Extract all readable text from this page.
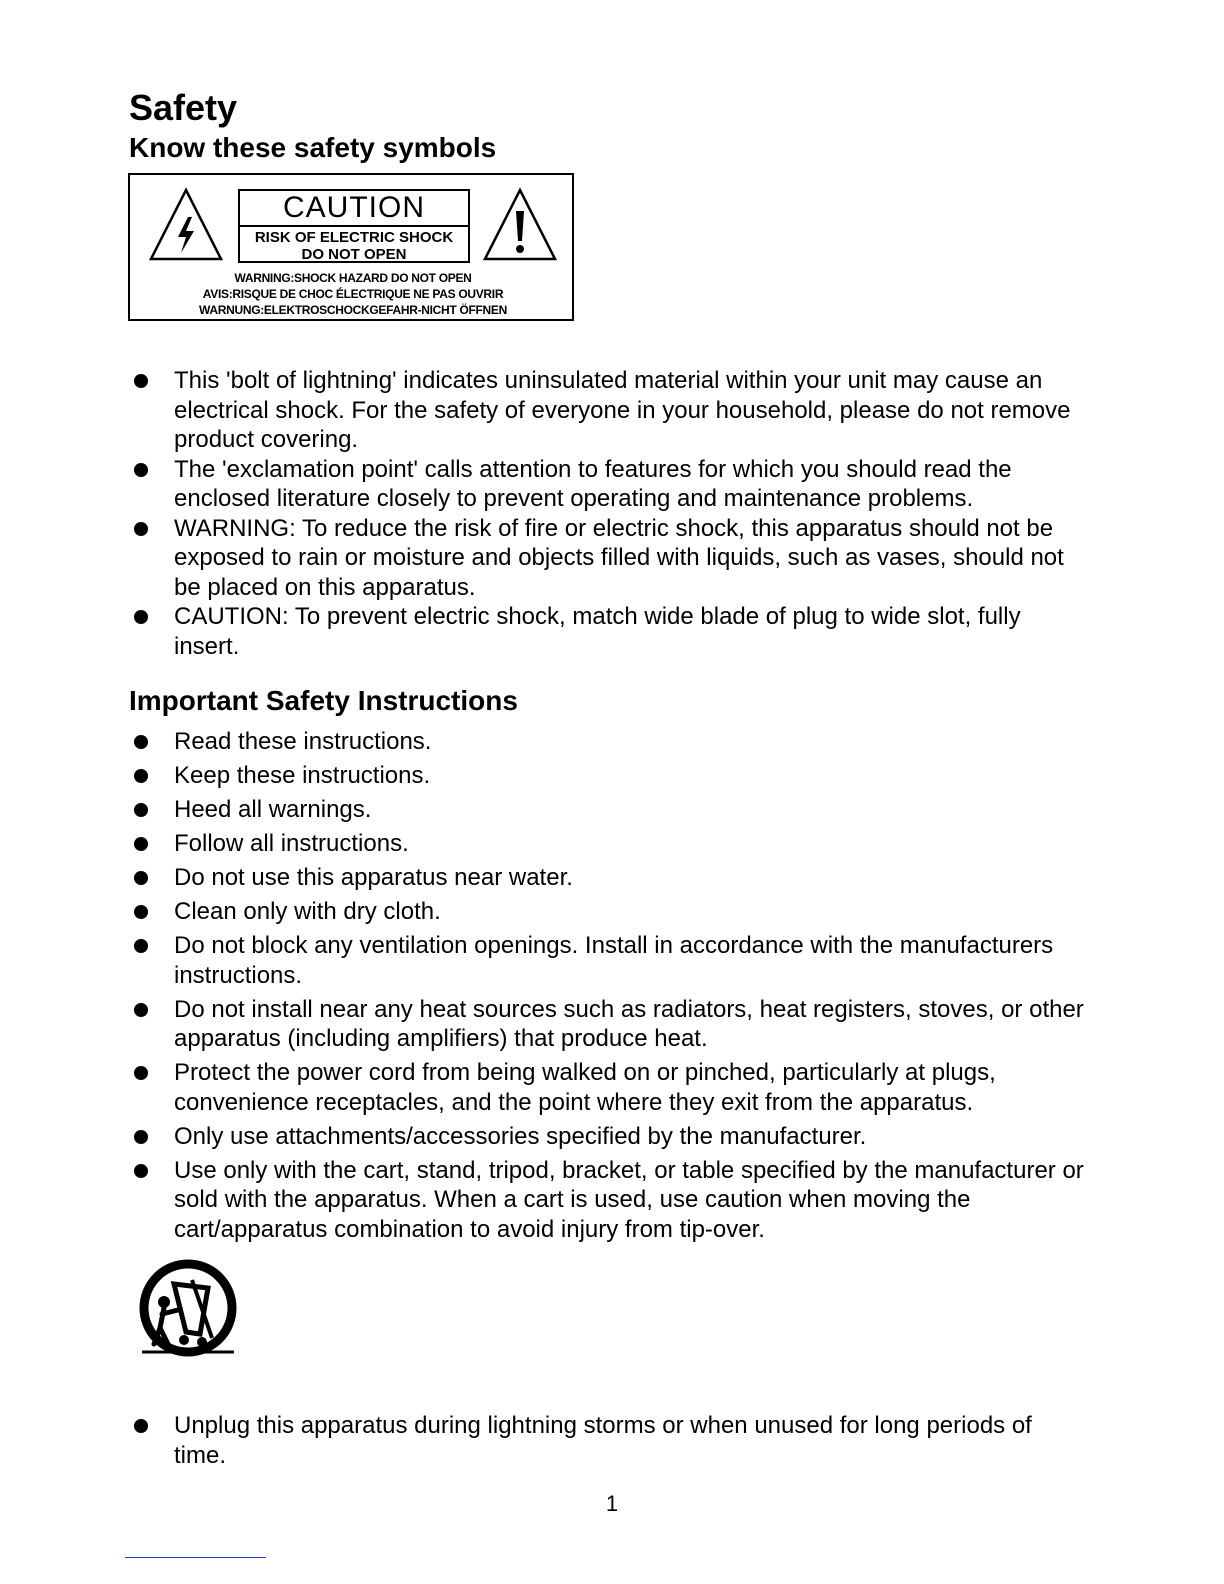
Safety
Know these safety symbols
CAUTION
RISK OF ELECTRIC SHOCK
DO NOT OPEN
WARNING:SHOCK HAZARD DO NOT OPEN
AVIS:RISQUE DE CHOC ÉLECTRIQUE NE PAS OUVRIR
WARNUNG:ELEKTROSCHOCKGEFAHR-NICHT ÖFFNEN
This 'bolt of lightning' indicates uninsulated material within your unit may cause an electrical shock. For the safety of everyone in your household, please do not remove product covering.
The 'exclamation point' calls attention to features for which you should read the enclosed literature closely to prevent operating and maintenance problems.
WARNING: To reduce the risk of fire or electric shock, this apparatus should not be exposed to rain or moisture and objects filled with liquids, such as vases, should not be placed on this apparatus.
CAUTION: To prevent electric shock, match wide blade of plug to wide slot, fully insert.
Important Safety Instructions
Read these instructions.
Keep these instructions.
Heed all warnings.
Follow all instructions.
Do not use this apparatus near water.
Clean only with dry cloth.
Do not block any ventilation openings. Install in accordance with the manufacturers instructions.
Do not install near any heat sources such as radiators, heat registers, stoves, or other apparatus (including amplifiers) that produce heat.
Protect the power cord from being walked on or pinched, particularly at plugs, convenience receptacles, and the point where they exit from the apparatus.
Only use attachments/accessories specified by the manufacturer.
Use only with the cart, stand, tripod, bracket, or table specified by the manufacturer or sold with the apparatus. When a cart is used, use caution when moving the cart/apparatus combination to avoid injury from tip-over.
Unplug this apparatus during lightning storms or when unused for long periods of time.
1
